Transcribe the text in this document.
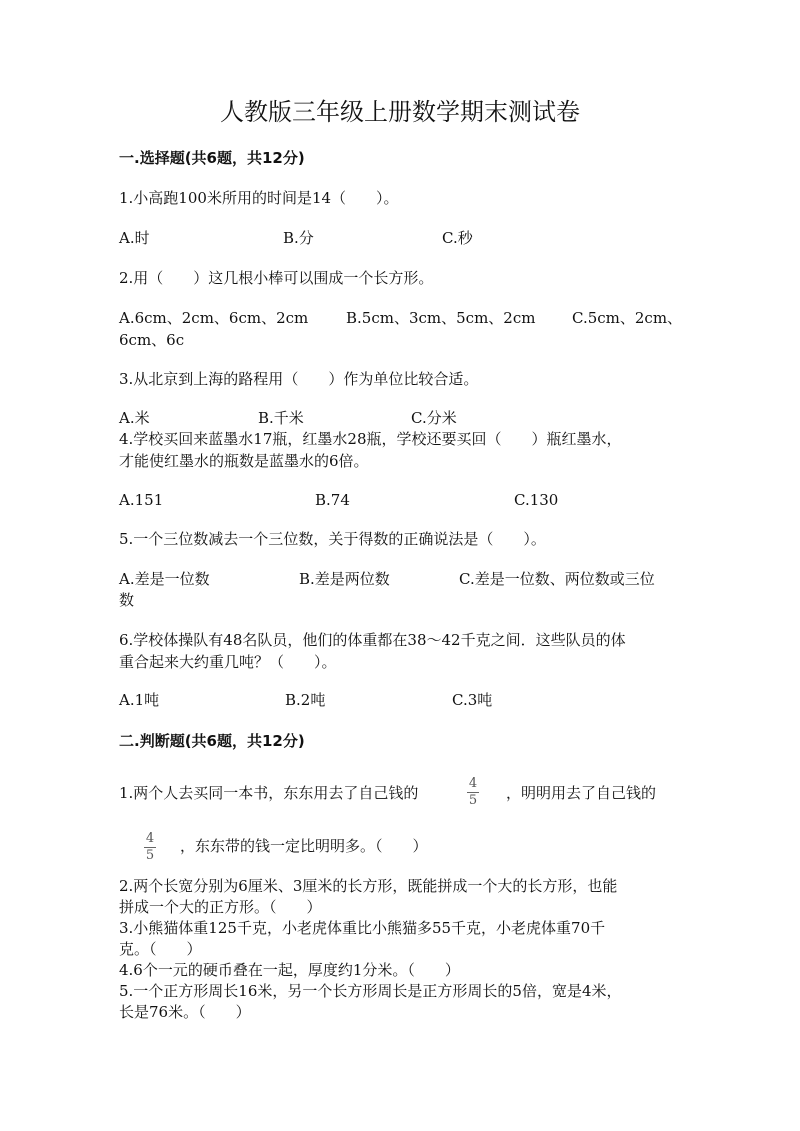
人教版三年级上册数学期末测试卷
一.选择题(共6题，共12分)
1.小高跑100米所用的时间是14（　　）。
A.时	B.分	C.秒
2.用（　　）这几根小棒可以围成一个长方形。
A.6cm、2cm、6cm、2cm	B.5cm、3cm、5cm、2cm C.5cm、2cm、
6cm、6c
3.从北京到上海的路程用（　　）作为单位比较合适。
A.米	B.千米	C.分米
4.学校买回来蓝墨水17瓶，红墨水28瓶，学校还要买回（　　）瓶红墨水，
才能使红墨水的瓶数是蓝墨水的6倍。
A.151	B.74	C.130
5.一个三位数减去一个三位数，关于得数的正确说法是（　　）。
A.差是一位数	B.差是两位数	C.差是一位数、两位数或三位
数
6.学校体操队有48名队员，他们的体重都在38～42千克之间．这些队员的体
重合起来大约重几吨？（　　）。
A.1吨	B.2吨	C.3吨
二.判断题(共6题，共12分)
1.两个人去买同一本书，东东用去了自己钱的
4
5 ，明明用去了自己钱的
4
5
，东东带的钱一定比明明多。（　　）
2.两个长宽分别为6厘米、3厘米的长方形，既能拼成一个大的长方形，也能
拼成一个大的正方形。（　　）
3.小熊猫体重125千克，小老虎体重比小熊猫多55千克，小老虎体重70千
克。（　　）
4.6个一元的硬币叠在一起，厚度约1分米。（　　）
5.一个正方形周长16米，另一个长方形周长是正方形周长的5倍，宽是4米，
长是76米。（　　）
